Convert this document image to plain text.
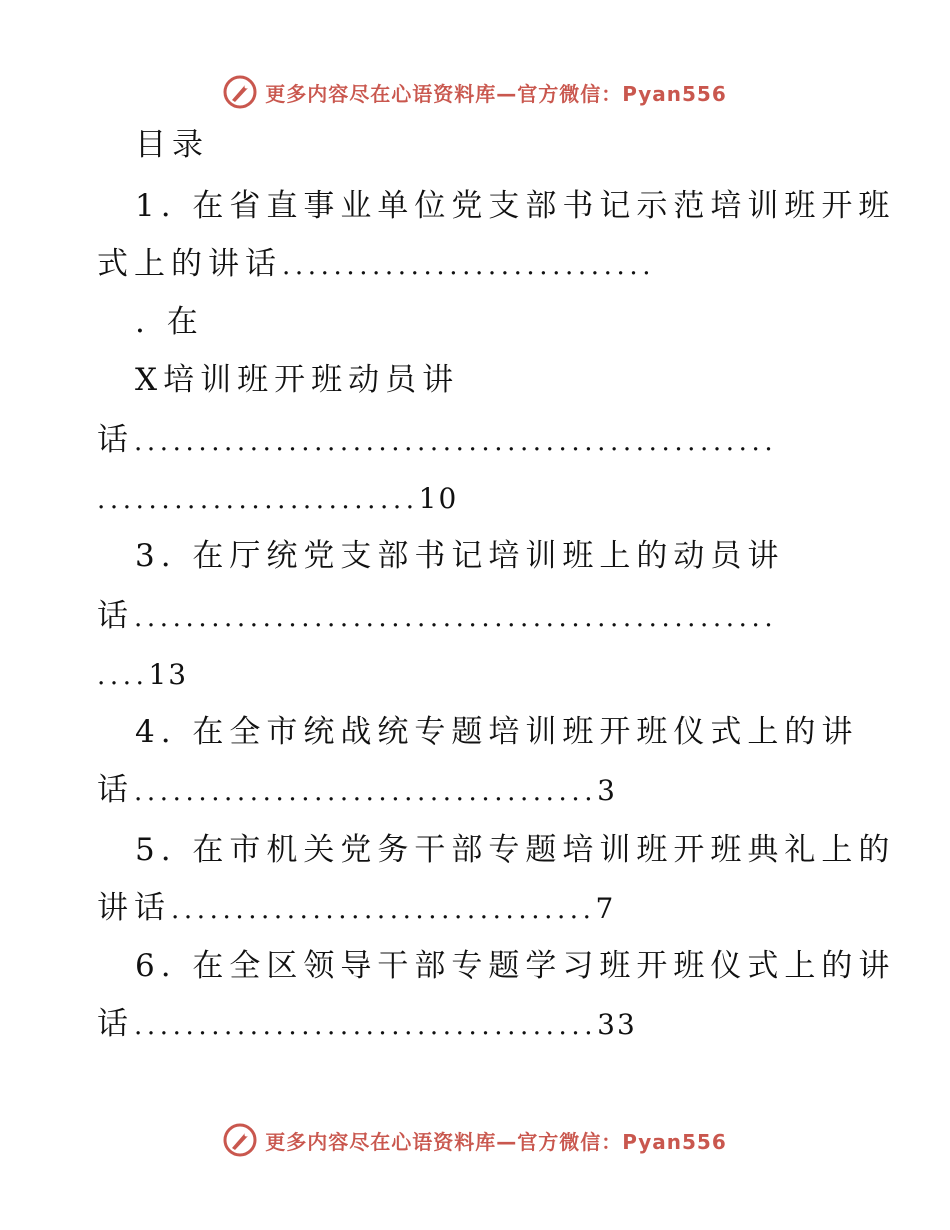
更多内容尽在心语资料库—官方微信：Pyan556
目录
1. 在省直事业单位党支部书记示范培训班开班
式上的讲话.............................
. 在
X培训班开班动员讲
话..................................................
.........................10
3. 在厅统党支部书记培训班上的动员讲
话..................................................
....13
4. 在全市统战统专题培训班开班仪式上的讲
话....................................3
5. 在市机关党务干部专题培训班开班典礼上的
讲话.................................7
6. 在全区领导干部专题学习班开班仪式上的讲
话....................................33
更多内容尽在心语资料库—官方微信：Pyan556
